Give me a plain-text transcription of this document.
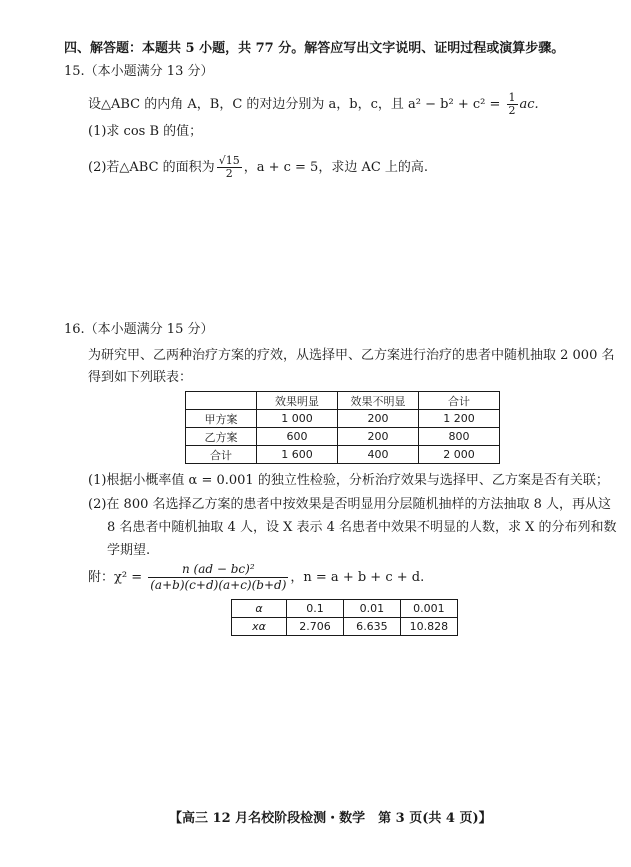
四、解答题：本题共 5 小题，共 77 分。解答应写出文字说明、证明过程或演算步骤。
15.（本小题满分 13 分）
设△ABC 的内角 A，B，C 的对边分别为 a，b，c，且 $a^2 - b^2 + c^2 = \frac{1}{2}$ ac.
(1)求 cos B 的值；
(2)若△ABC 的面积为 $\frac{√15}{2}$ ，a + c = 5，求边 AC 上的高.
16.（本小题满分 15 分）
为研究甲、乙两种治疗方案的疗效，从选择甲、乙方案进行治疗的患者中随机抽取 2 000 名
得到如下列联表：
	效果明显	效果不明显	合计
甲方案	1 000	200	1 200
乙方案	600	200	800
合计	1 600	400	2 000
(1)根据小概率值 α = 0.001 的独立性检验，分析治疗效果与选择甲、乙方案是否有关联；
(2)在 800 名选择乙方案的患者中按效果是否明显用分层随机抽样的方法抽取 8 人，再从这
8 名患者中随机抽取 4 人，设 X 表示 4 名患者中效果不明显的人数，求 X 的分布列和数
学期望.
附：$\chi^2 = \frac{\text{n (ad − bc)²}}{(a+b)(c+d)(a+c)(b+d)}$ ，n = a + b + c + d.
α	0.1	0.01	0.001
xα	2.706	6.635	10.828
【高三 12 月名校阶段检测・数学　第 3 页(共 4 页)】
